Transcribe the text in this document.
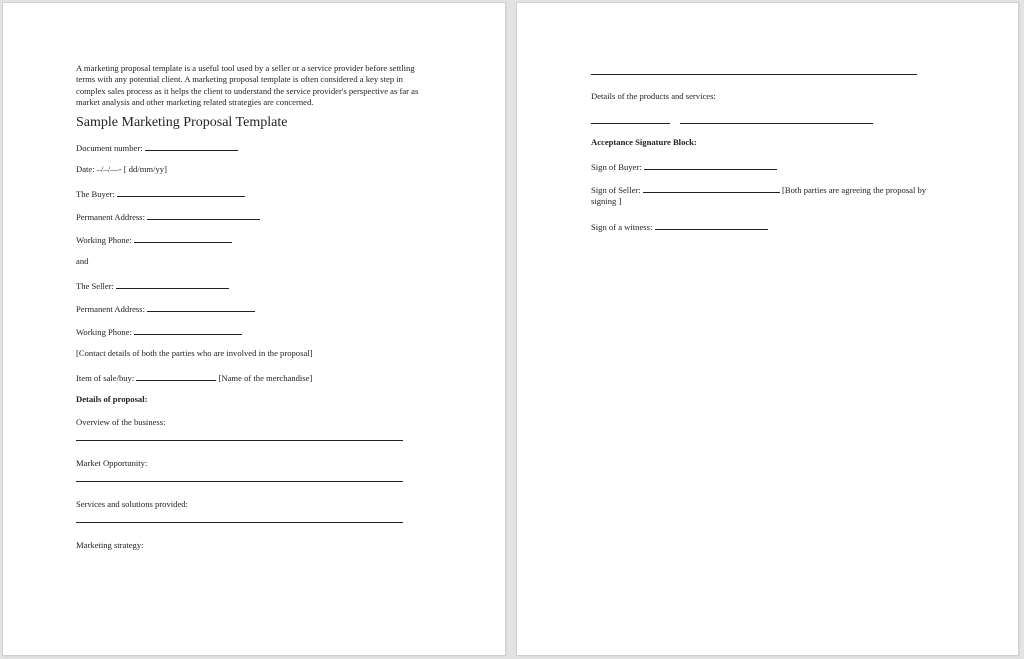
A marketing proposal template is a useful tool used by a seller or a service provider before settling terms with any potential client. A marketing proposal template is often considered a key step in complex sales process as it helps the client to understand the service provider's perspective as far as market analysis and other marketing related strategies are concerned.

Sample Marketing Proposal Template
Document number:
Date: –/–/—- [ dd/mm/yy]
The Buyer:
Permanent Address:
Working Phone:
and
The Seller:
Permanent Address:
Working Phone:
[Contact details of both the parties who are involved in the proposal]
Item of sale/buy:	[Name of the merchandise]
Details of proposal:
Overview of the business:
Market Opportunity:
Services and solutions provided:
Marketing strategy:
Details of the products and services:

Acceptance Signature Block:
Sign of Buyer:
Sign of Seller:	[Both parties are agreeing the proposal by signing ]
Sign of a witness:
